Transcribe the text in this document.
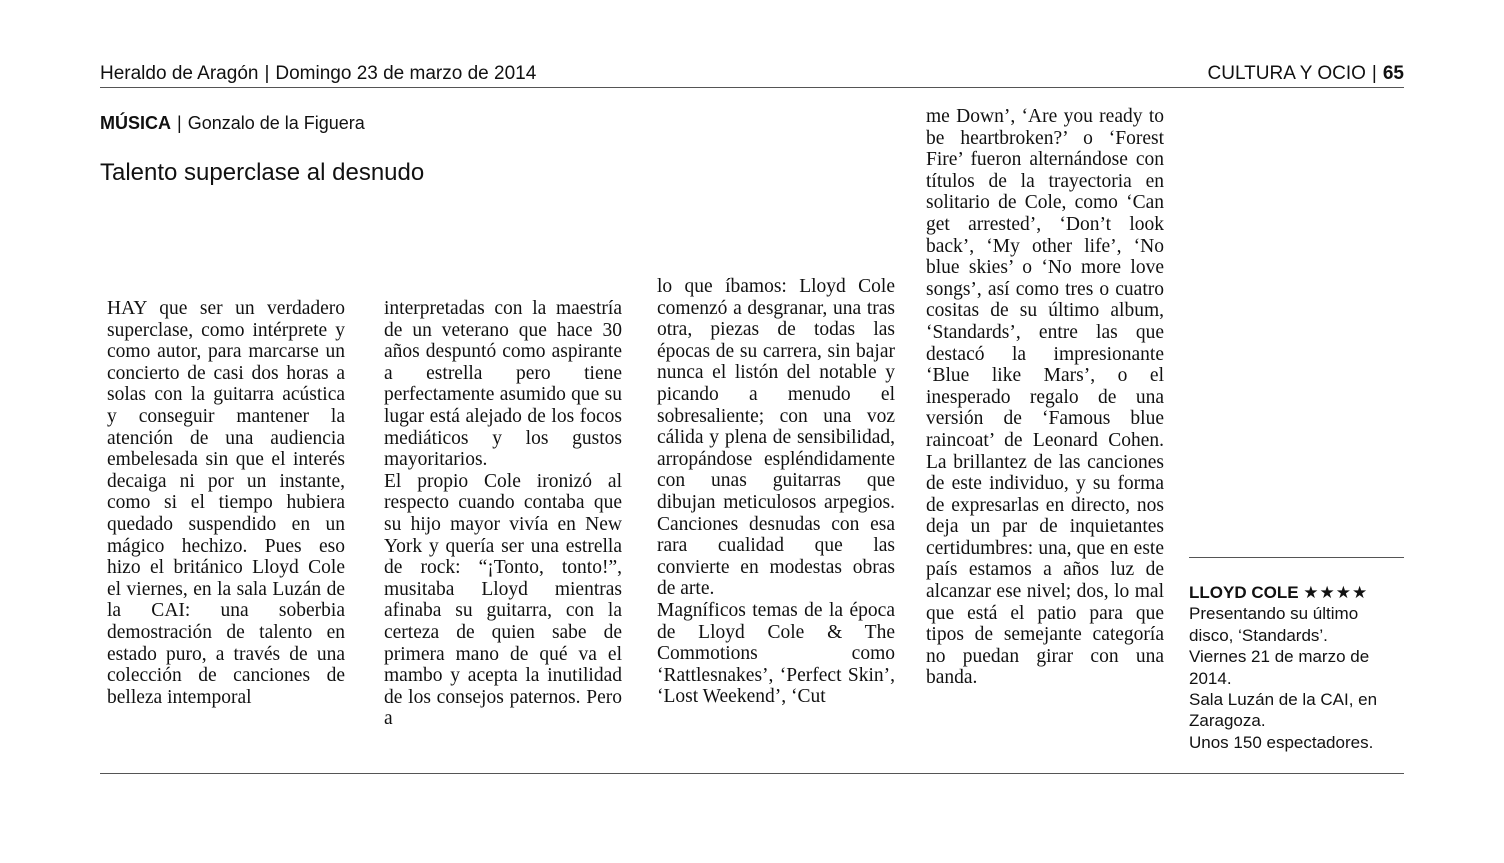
Heraldo de Aragón | Domingo 23 de marzo de 2014	CULTURA Y OCIO | 65
MÚSICA | Gonzalo de la Figuera
Talento superclase al desnudo

HAY que ser un verdadero superclase, como intérprete y como autor, para marcarse un concierto de casi dos horas a solas con la guitarra acústica y conseguir mantener la atención de una audiencia embelesada sin que el interés decaiga ni por un instante, como si el tiempo hubiera quedado suspendido en un mágico hechizo. Pues eso hizo el británico Lloyd Cole el viernes, en la sala Luzán de la CAI: una soberbia demostración de talento en estado puro, a través de una colección de canciones de belleza intemporal

interpretadas con la maestría de un veterano que hace 30 años despuntó como aspirante a estrella pero tiene perfectamente asumido que su lugar está alejado de los focos mediáticos y los gustos mayoritarios.

El propio Cole ironizó al respecto cuando contaba que su hijo mayor vivía en New York y quería ser una estrella de rock: “¡Tonto, tonto!”, musitaba Lloyd mientras afinaba su guitarra, con la certeza de quien sabe de primera mano de qué va el mambo y acepta la inutilidad de los consejos paternos. Pero a

lo que íbamos: Lloyd Cole comenzó a desgranar, una tras otra, piezas de todas las épocas de su carrera, sin bajar nunca el listón del notable y picando a menudo el sobresaliente; con una voz cálida y plena de sensibilidad, arropándose espléndidamente con unas guitarras que dibujan meticulosos arpegios. Canciones desnudas con esa rara cualidad que las convierte en modestas obras de arte.

Magníficos temas de la época de Lloyd Cole & The Commotions como ‘Rattlesnakes’, ‘Perfect Skin’, ‘Lost Weekend’, ‘Cut

me Down’, ‘Are you ready to be heartbroken?’ o ‘Forest Fire’ fueron alternándose con títulos de la trayectoria en solitario de Cole, como ‘Can get arrested’, ‘Don’t look back’, ‘My other life’, ‘No blue skies’ o ‘No more love songs’, así como tres o cuatro cositas de su último album, ‘Standards’, entre las que destacó la impresionante ‘Blue like Mars’, o el inesperado regalo de una versión de ‘Famous blue raincoat’ de Leonard Cohen. La brillantez de las canciones de este individuo, y su forma de expresarlas en directo, nos deja un par de inquietantes certidumbres: una, que en este país estamos a años luz de alcanzar ese nivel; dos, lo mal que está el patio para que tipos de semejante categoría no puedan girar con una banda.

LLOYD COLE ★★★★
Presentando su último
disco, ‘Standards’.
Viernes 21 de marzo de
2014.
Sala Luzán de la CAI, en
Zaragoza.
Unos 150 espectadores.
